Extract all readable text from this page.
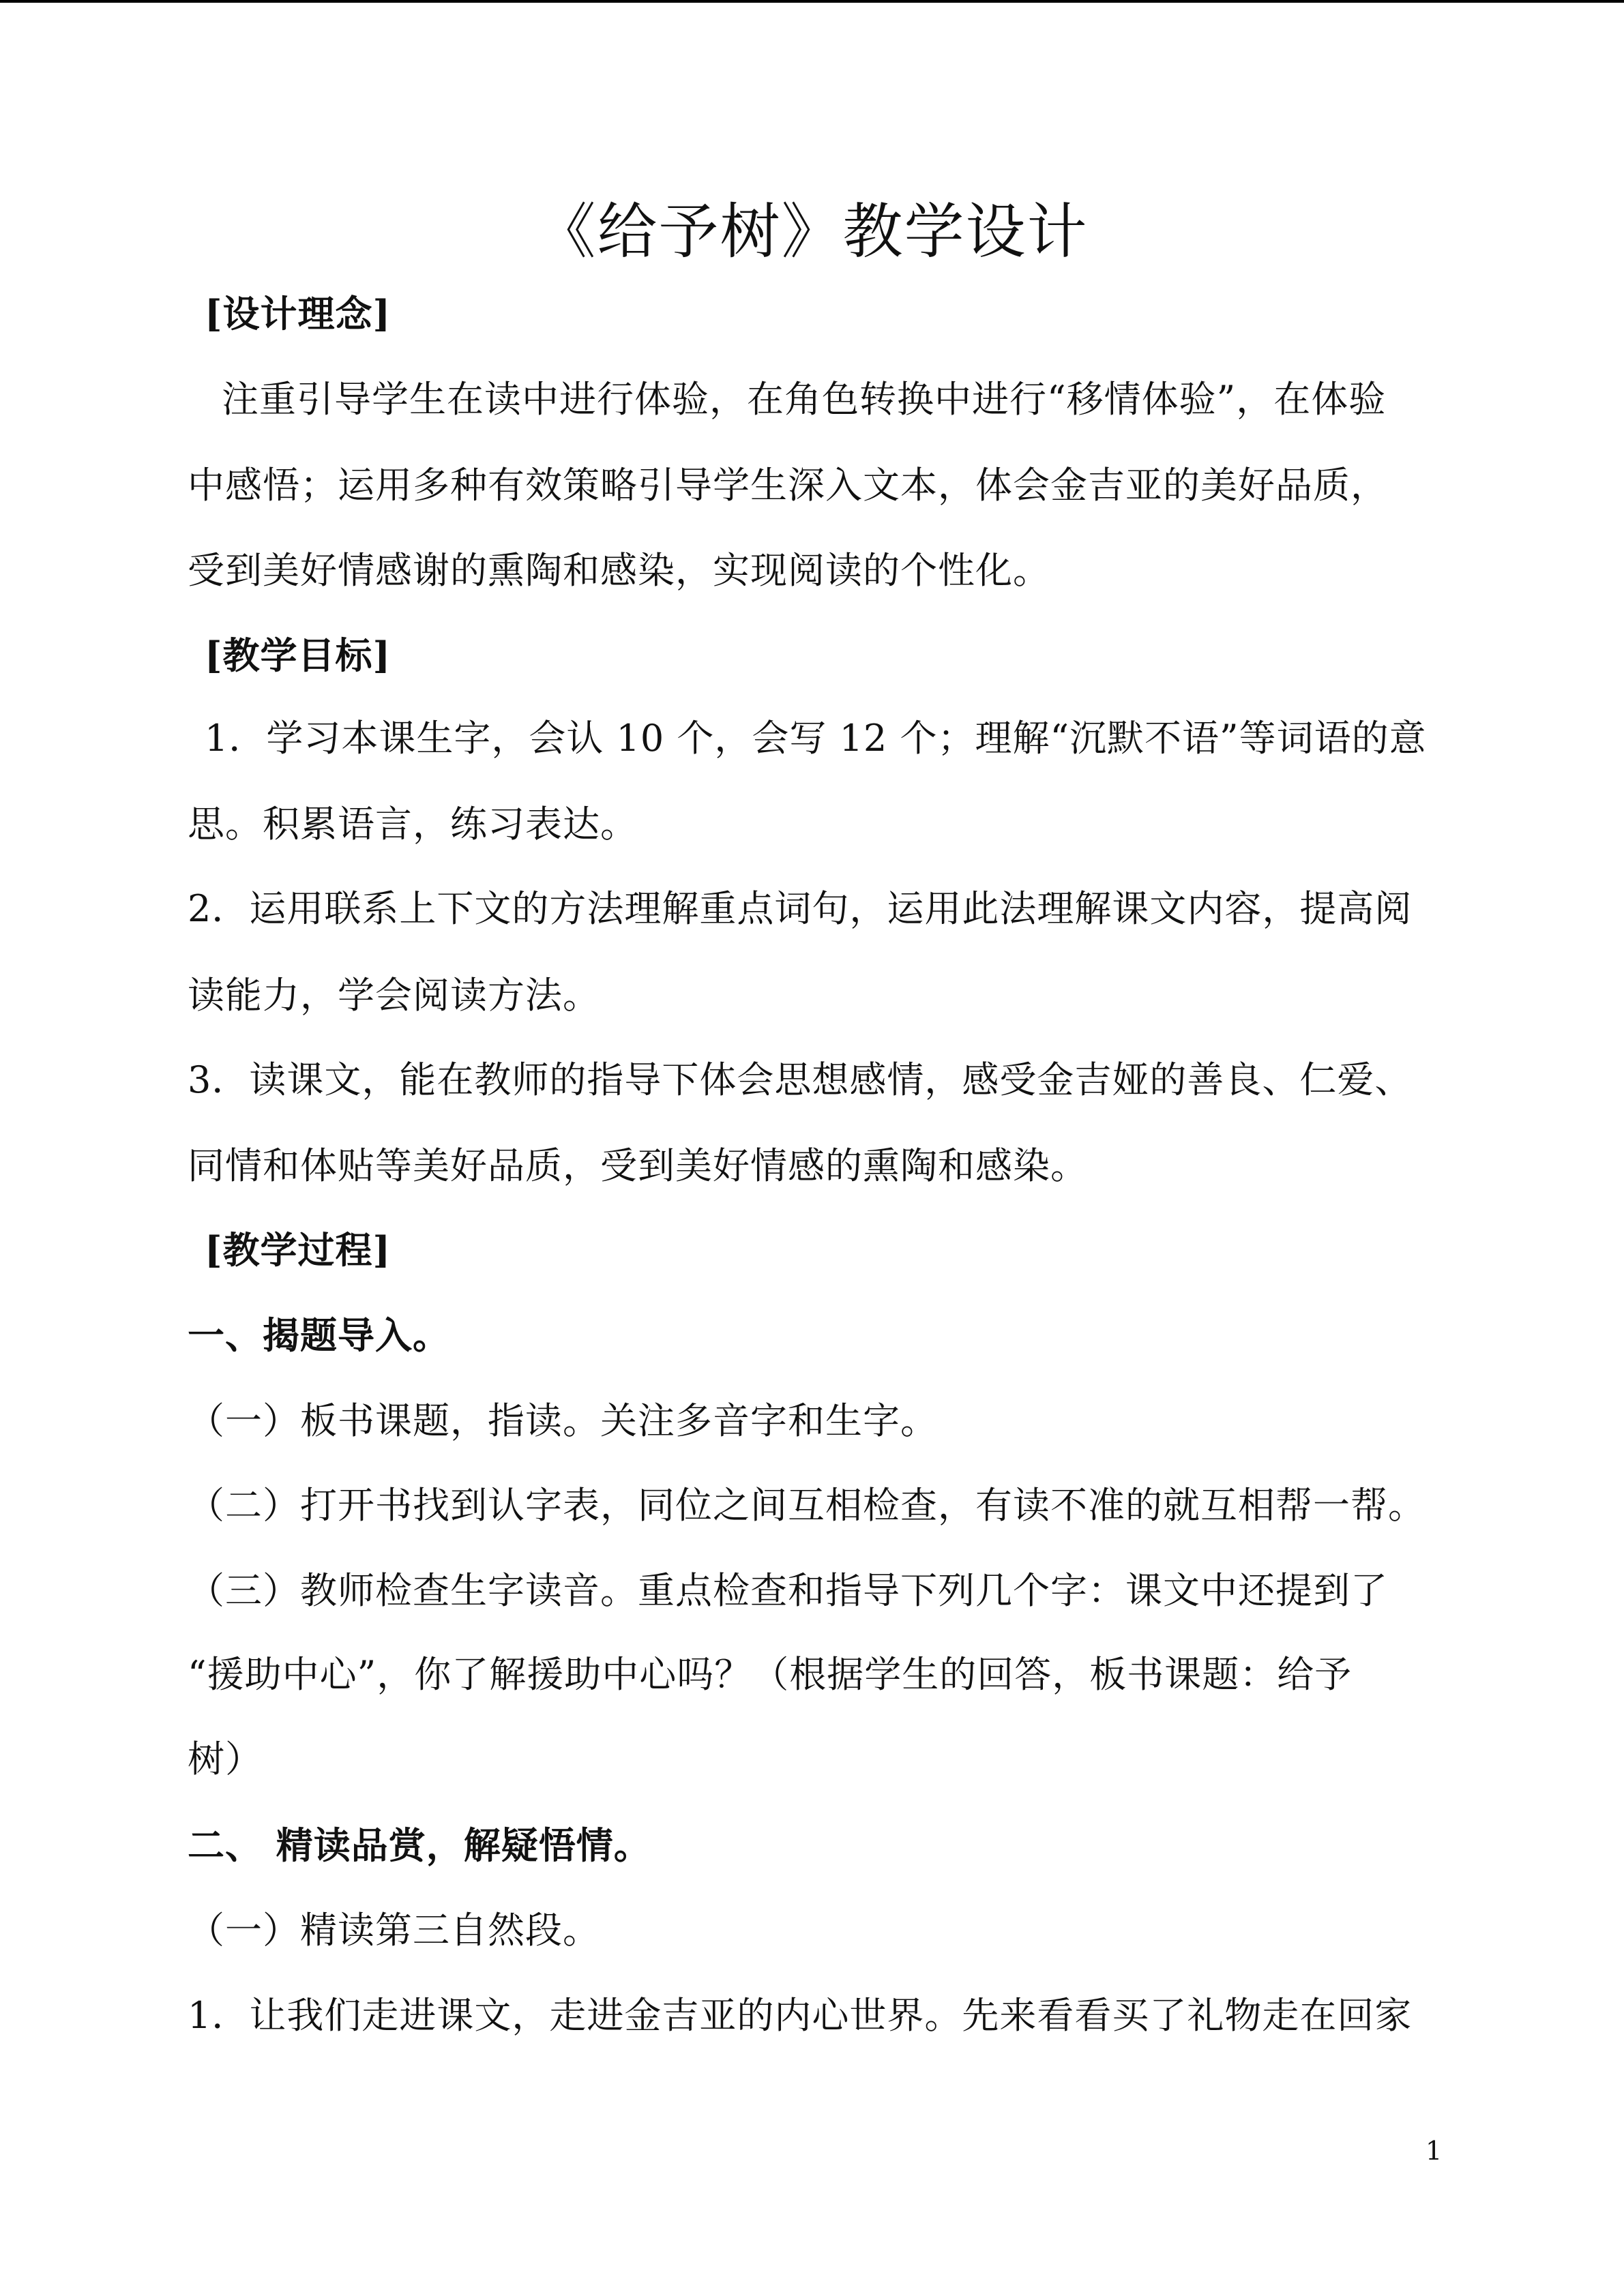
《给予树》教学设计
[设计理念]
注重引导学生在读中进行体验，在角色转换中进行“移情体验”，在体验
中感悟；运用多种有效策略引导学生深入文本，体会金吉亚的美好品质，
受到美好情感谢的熏陶和感染，实现阅读的个性化。
[教学目标]
1．学习本课生字，会认 10 个，会写 12 个；理解“沉默不语”等词语的意
思。积累语言，练习表达。
2．运用联系上下文的方法理解重点词句，运用此法理解课文内容，提高阅
读能力，学会阅读方法。
3．读课文，能在教师的指导下体会思想感情，感受金吉娅的善良、仁爱、
同情和体贴等美好品质，受到美好情感的熏陶和感染。
[教学过程]
一、揭题导入。
（一）板书课题，指读。关注多音字和生字。
（二）打开书找到认字表，同位之间互相检查，有读不准的就互相帮一帮。
（三）教师检查生字读音。重点检查和指导下列几个字：课文中还提到了
“援助中心”，你了解援助中心吗？（根据学生的回答，板书课题：给予
树）
二、 精读品赏，解疑悟情。
（一）精读第三自然段。
1．让我们走进课文，走进金吉亚的内心世界。先来看看买了礼物走在回家
1
